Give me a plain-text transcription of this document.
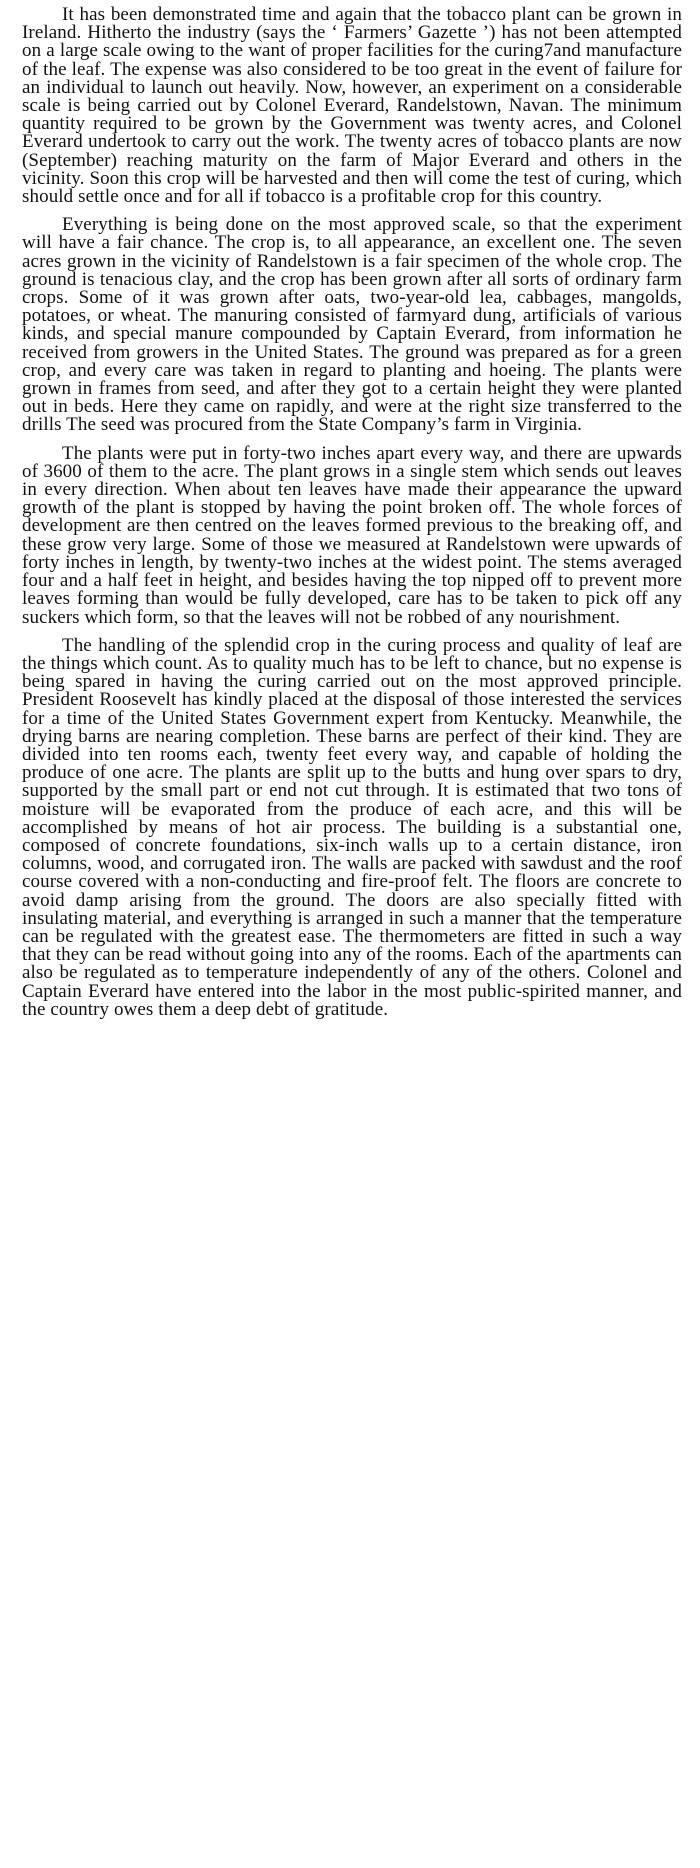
It has been demonstrated time and again that the tobacco plant can be grown in Ireland. Hitherto the industry (says the ‘ Farmers’ Gazette ’) has not been attempted on a large scale owing to the want of proper facilities for the curing7and manufacture of the leaf. The expense was also considered to be too great in the event of failure for an individual to launch out heavily. Now, however, an experiment on a considerable scale is being carried out by Colonel Everard, Randelstown, Navan. The minimum quantity required to be grown by the Government was twenty acres, and Colonel Everard undertook to carry out the work. The twenty acres of tobacco plants are now (September) reaching maturity on the farm of Major Everard and others in the vicinity. Soon this crop will be harvested and then will come the test of curing, which should settle once and for all if tobacco is a profitable crop for this country.

Everything is being done on the most approved scale, so that the experiment will have a fair chance. The crop is, to all appearance, an excellent one. The seven acres grown in the vicinity of Randelstown is a fair specimen of the whole crop. The ground is tenacious clay, and the crop has been grown after all sorts of ordinary farm crops. Some of it was grown after oats, two-year-old lea, cabbages, mangolds, potatoes, or wheat. The manuring consisted of farmyard dung, artificials of various kinds, and special manure compounded by Captain Everard, from information he received from growers in the United States. The ground was prepared as for a green crop, and every care was taken in regard to planting and hoeing. The plants were grown in frames from seed, and after they got to a certain height they were planted out in beds. Here they came on rapidly, and were at the right size transferred to the drills The seed was procured from the State Company’s farm in Virginia.

The plants were put in forty-two inches apart every way, and there are upwards of 3600 of them to the acre. The plant grows in a single stem which sends out leaves in every direction. When about ten leaves have made their appearance the upward growth of the plant is stopped by having the point broken off. The whole forces of development are then centred on the leaves formed previous to the breaking off, and these grow very large. Some of those we measured at Randelstown were upwards of forty inches in length, by twenty-two inches at the widest point. The stems averaged four and a half feet in height, and besides having the top nipped off to prevent more leaves forming than would be fully developed, care has to be taken to pick off any suckers which form, so that the leaves will not be robbed of any nourishment.

The handling of the splendid crop in the curing process and quality of leaf are the things which count. As to quality much has to be left to chance, but no expense is being spared in having the curing carried out on the most approved principle. President Roosevelt has kindly placed at the disposal of those interested the services for a time of the United States Government expert from Kentucky. Meanwhile, the drying barns are nearing completion. These barns are perfect of their kind. They are divided into ten rooms each, twenty feet every way, and capable of holding the produce of one acre. The plants are split up to the butts and hung over spars to dry, supported by the small part or end not cut through. It is estimated that two tons of moisture will be evaporated from the produce of each acre, and this will be accomplished by means of hot air process. The building is a substantial one, composed of concrete foundations, six-inch walls up to a certain distance, iron columns, wood, and corrugated iron. The walls are packed with sawdust and the roof course covered with a non-conducting and fire-proof felt. The floors are concrete to avoid damp arising from the ground. The doors are also specially fitted with insulating material, and everything is arranged in such a manner that the temperature can be regulated with the greatest ease. The thermometers are fitted in such a way that they can be read without going into any of the rooms. Each of the apartments can also be regulated as to temperature independently of any of the others. Colonel and Captain Everard have entered into the labor in the most public-spirited manner, and the country owes them a deep debt of gratitude.
